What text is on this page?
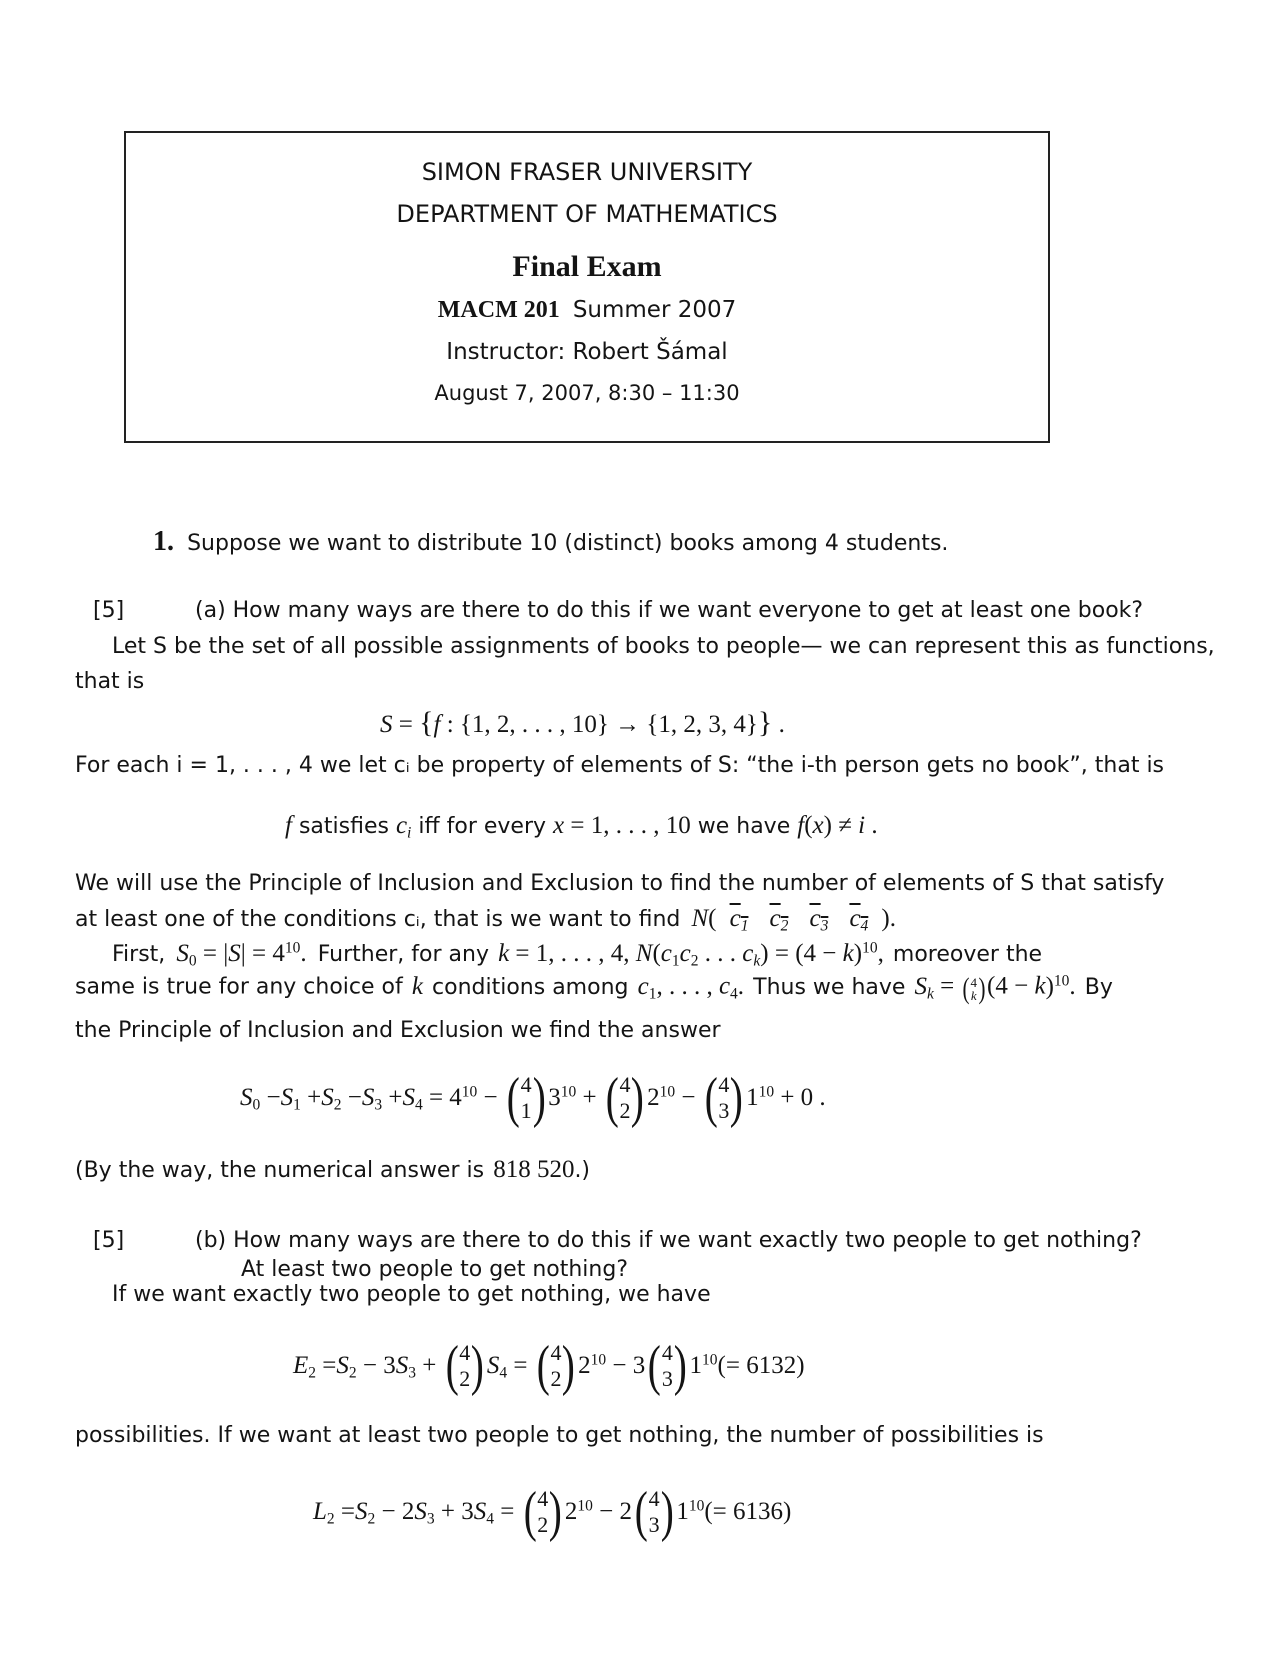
SIMON FRASER UNIVERSITY
DEPARTMENT OF MATHEMATICS
Final Exam
MACM 201 Summer 2007
Instructor: Robert Šámal
August 7, 2007, 8:30 – 11:30
1. Suppose we want to distribute 10 (distinct) books among 4 students.
[5]	(a) How many ways are there to do this if we want everyone to get at least one book?
Let S be the set of all possible assignments of books to people— we can represent this as functions,
that is
S = {f : {1, 2, . . . , 10} → {1, 2, 3, 4}} .
For each i = 1, . . . , 4 we let cᵢ be property of elements of S: “the i-th person gets no book”, that is
f satisfies $c_i$ iff for every x = 1, . . . , 10 we have f(x) ≠ i .
We will use the Principle of Inclusion and Exclusion to find the number of elements of S that satisfy
at least one of the conditions cᵢ, that is we want to find N( $c_1$ $c_2$ $c_3$ $c_4$ ).
First, $S_0 = |S| = 4^{10}$. Further, for any k = 1, . . . , 4, $N(c_1c_2$ . . . $c_k) = (4 - k)^{10}$, moreover the
same is true for any choice of k conditions among $c_1$, . . . , $c_4$. Thus we have $S_k$ = ( 4
k ) $(4 - k)^{10}$. By
the Principle of Inclusion and Exclusion we find the answer
S $_0$ − S $_1$ + S $_2$ − S $_3$ + S $_4 = 4^{10}$ − ( 4
1 ) $3^{10}$ + ( 4
2 ) $2^{10}$ − ( 4
3 ) $1^{10} + 0$ .
(By the way, the numerical answer is 818 520.)
[5]	(b) How many ways are there to do this if we want exactly two people to get nothing?
At least two people to get nothing?
If we want exactly two people to get nothing, we have
E $_2$ = S $_2$ − 3 S $_3$ + ( 4
2 ) S $_4$ = ( 4
2 ) $2^{10} - 3$ ( 4
3 ) $1^{10}$ (= 6132)
possibilities. If we want at least two people to get nothing, the number of possibilities is
L $_2$ = S $_2$ − 2 S $_3$ + 3 S $_4$ = ( 4
2 ) $2^{10} - 2$ ( 4
3 ) $1^{10}$ (= 6136)
